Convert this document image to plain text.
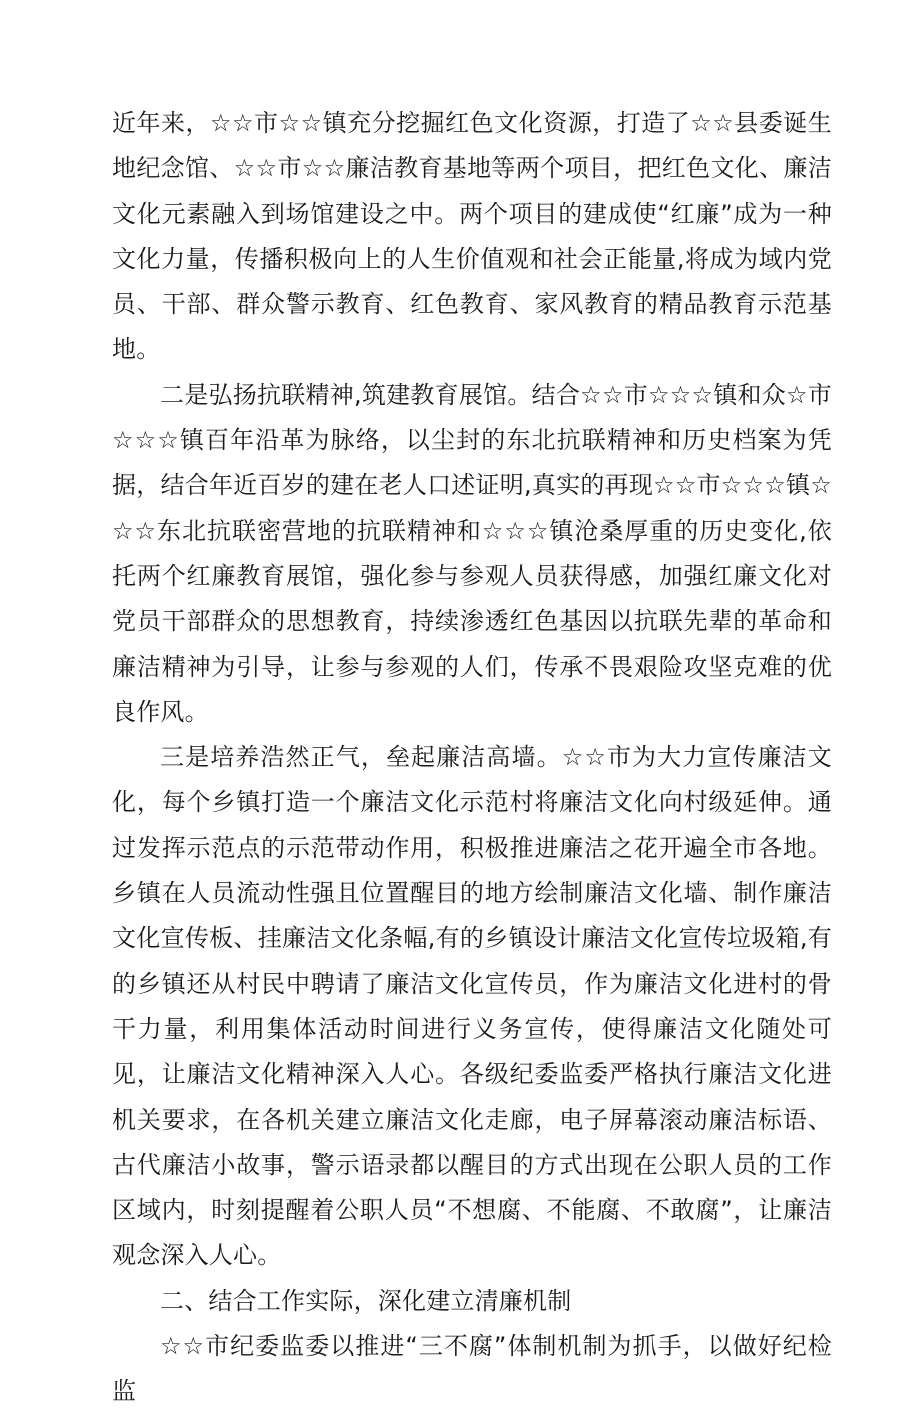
近年来，☆☆市☆☆镇充分挖掘红色文化资源，打造了☆☆县委诞生地纪念馆、☆☆市☆☆廉洁教育基地等两个项目，把红色文化、廉洁文化元素融入到场馆建设之中。两个项目的建成使“红廉”成为一种文化力量，传播积极向上的人生价值观和社会正能量,将成为域内党员、干部、群众警示教育、红色教育、家风教育的精品教育示范基地。

二是弘扬抗联精神,筑建教育展馆。结合☆☆市☆☆☆镇和众☆市☆☆☆镇百年沿革为脉络，以尘封的东北抗联精神和历史档案为凭据，结合年近百岁的建在老人口述证明,真实的再现☆☆市☆☆☆镇☆☆☆东北抗联密营地的抗联精神和☆☆☆镇沧桑厚重的历史变化,依托两个红廉教育展馆，强化参与参观人员获得感，加强红廉文化对党员干部群众的思想教育，持续渗透红色基因以抗联先辈的革命和廉洁精神为引导，让参与参观的人们，传承不畏艰险攻坚克难的优良作风。

三是培养浩然正气，垒起廉洁高墙。☆☆市为大力宣传廉洁文化，每个乡镇打造一个廉洁文化示范村将廉洁文化向村级延伸。通过发挥示范点的示范带动作用，积极推进廉洁之花开遍全市各地。乡镇在人员流动性强且位置醒目的地方绘制廉洁文化墙、制作廉洁文化宣传板、挂廉洁文化条幅,有的乡镇设计廉洁文化宣传垃圾箱,有的乡镇还从村民中聘请了廉洁文化宣传员，作为廉洁文化进村的骨干力量，利用集体活动时间进行义务宣传，使得廉洁文化随处可见，让廉洁文化精神深入人心。各级纪委监委严格执行廉洁文化进机关要求，在各机关建立廉洁文化走廊，电子屏幕滚动廉洁标语、古代廉洁小故事，警示语录都以醒目的方式出现在公职人员的工作区域内，时刻提醒着公职人员“不想腐、不能腐、不敢腐”，让廉洁观念深入人心。

二、结合工作实际，深化建立清廉机制

☆☆市纪委监委以推进“三不腐”体制机制为抓手，以做好纪检监
